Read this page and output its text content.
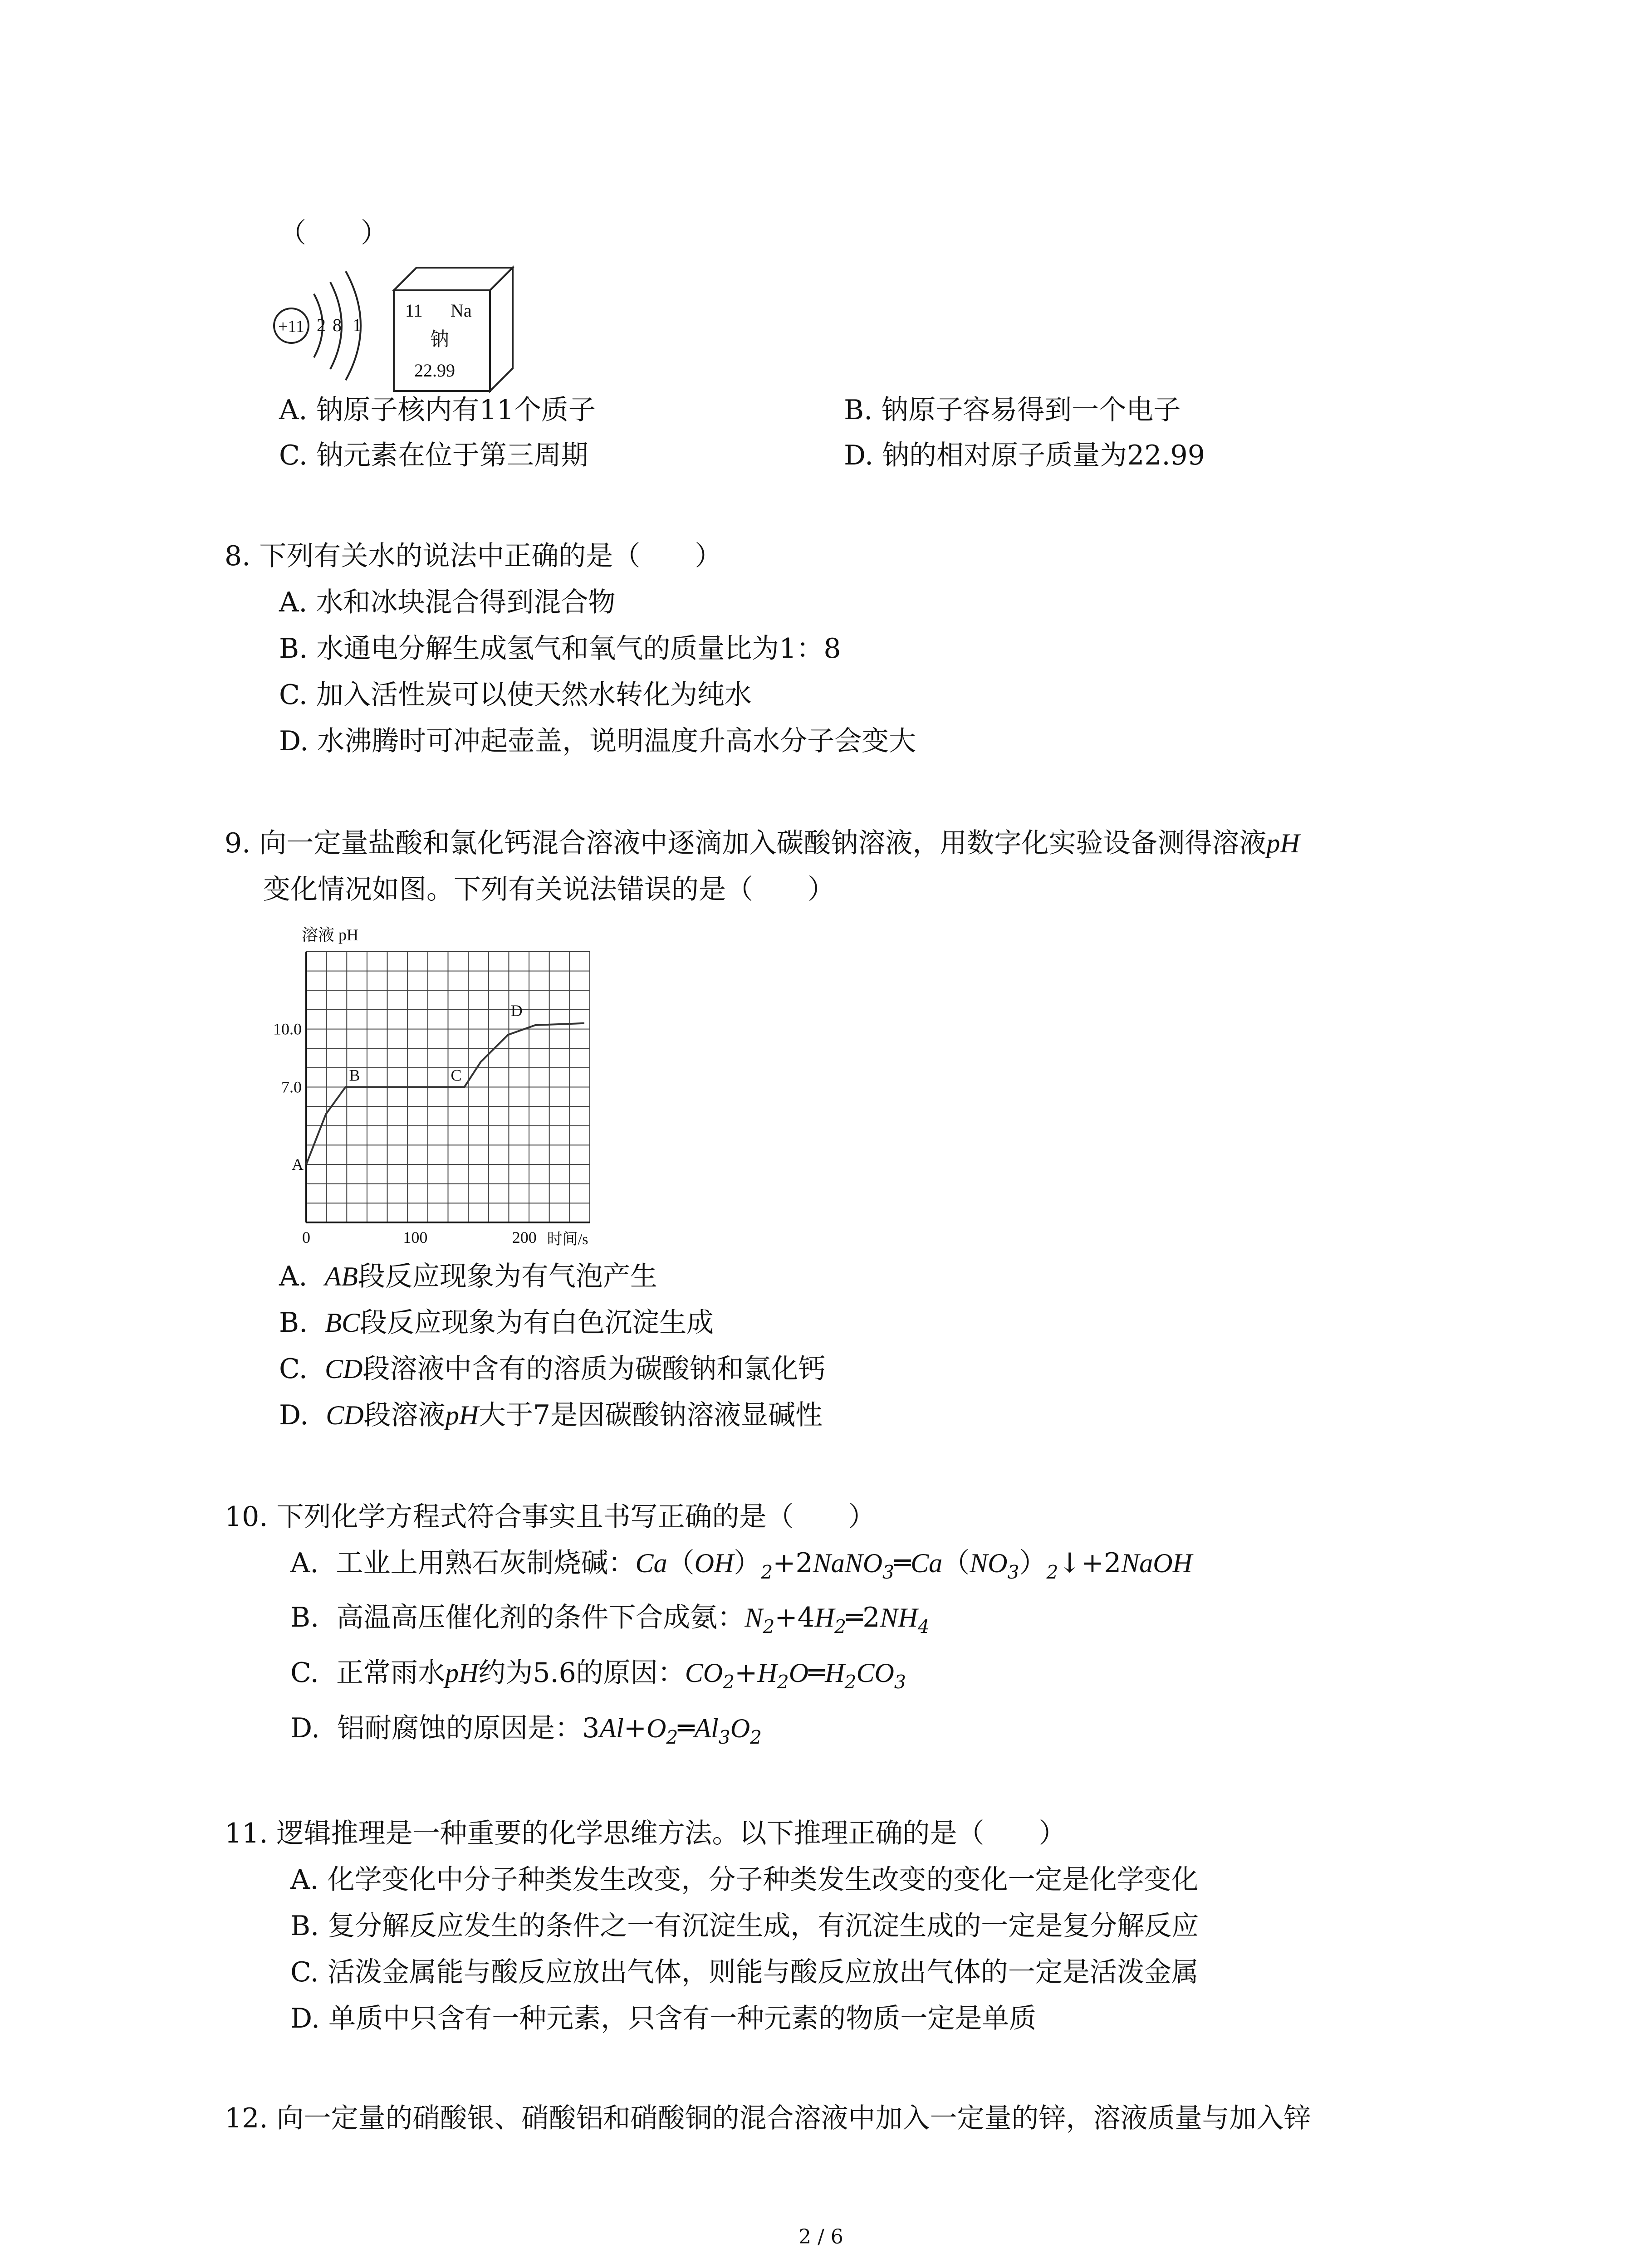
（　　）
+11 2 8 1
11 Na
钠
22.99
A. 钠原子核内有11个质子	B. 钠原子容易得到一个电子
C. 钠元素在位于第三周期	D. 钠的相对原子质量为22.99
8. 下列有关水的说法中正确的是（　　）
A. 水和冰块混合得到混合物
B. 水通电分解生成氢气和氧气的质量比为1：8
C. 加入活性炭可以使天然水转化为纯水
D. 水沸腾时可冲起壶盖，说明温度升高水分子会变大
9. 向一定量盐酸和氯化钙混合溶液中逐滴加入碳酸钠溶液，用数字化实验设备测得溶液pH
变化情况如图。下列有关说法错误的是（　　）
溶液 pH
7.0
10.0
0	100	200 时间/s
A
B	C
D
A. AB段反应现象为有气泡产生
B. BC段反应现象为有白色沉淀生成
C. CD段溶液中含有的溶质为碳酸钠和氯化钙
D. CD段溶液pH大于7是因碳酸钠溶液显碱性
10. 下列化学方程式符合事实且书写正确的是（　　）
A.  工业上用熟石灰制烧碱：$Ca(OH)_2+2NaNO_3═Ca(NO_3)_2↓+2NaOH$
B.  高温高压催化剂的条件下合成氨：$N_2+4H_2═2NH_4$
C.  正常雨水pH约为5.6的原因：$CO_2+H_2O═H_2CO_3$
D.  铝耐腐蚀的原因是：$3Al+O_2═Al_3O_2$
11. 逻辑推理是一种重要的化学思维方法。以下推理正确的是（　　）
A. 化学变化中分子种类发生改变，分子种类发生改变的变化一定是化学变化
B. 复分解反应发生的条件之一有沉淀生成，有沉淀生成的一定是复分解反应
C. 活泼金属能与酸反应放出气体，则能与酸反应放出气体的一定是活泼金属
D. 单质中只含有一种元素，只含有一种元素的物质一定是单质
12. 向一定量的硝酸银、硝酸铝和硝酸铜的混合溶液中加入一定量的锌，溶液质量与加入锌
2 / 6
